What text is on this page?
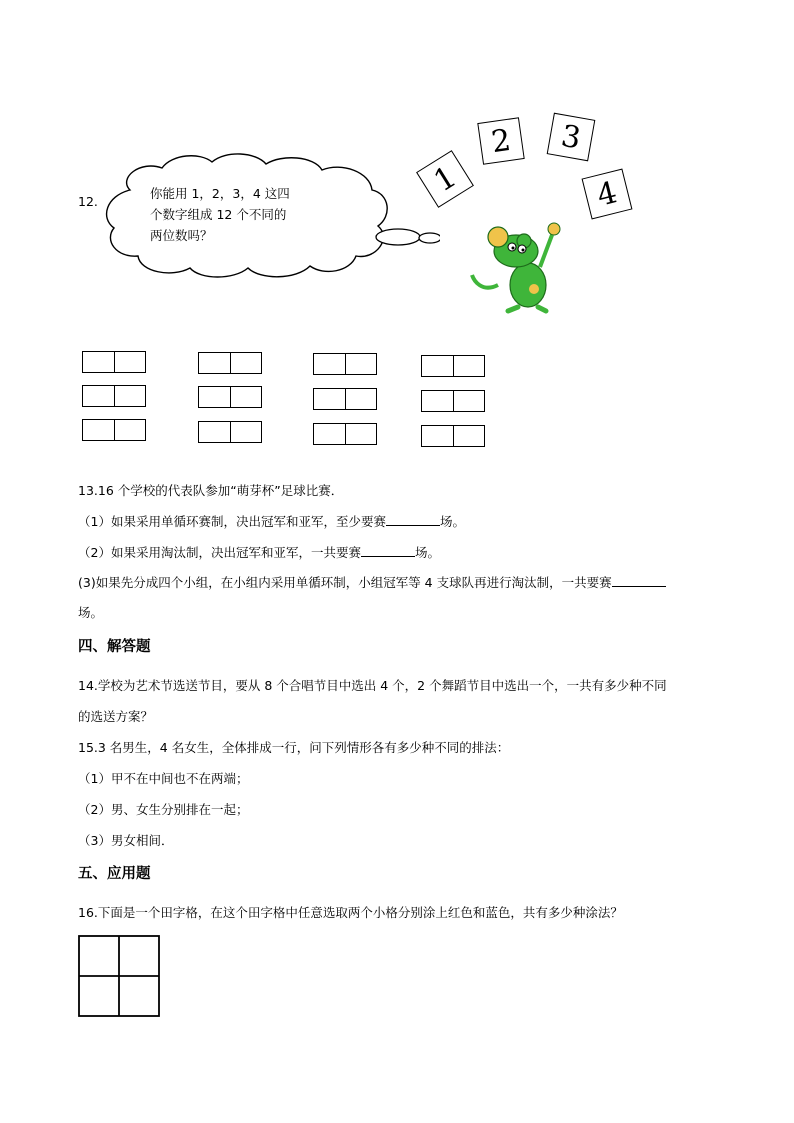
12.
你能用 1，2，3，4 这四
个数字组成 12 个不同的
两位数吗？
1
2	3
4
13.16 个学校的代表队参加“萌芽杯”足球比赛．
（1）如果采用单循环赛制，决出冠军和亚军，至少要赛	场。
（2）如果采用淘汰制，决出冠军和亚军，一共要赛	场。
(3)如果先分成四个小组，在小组内采用单循环制，小组冠军等 4 支球队再进行淘汰制，一共要赛
场。
四、解答题
14.学校为艺术节选送节目，要从 8 个合唱节目中选出 4 个，2 个舞蹈节目中选出一个，一共有多少种不同
的选送方案？
15.3 名男生，4 名女生，全体排成一行，问下列情形各有多少种不同的排法：
（1）甲不在中间也不在两端；
（2）男、女生分别排在一起；
（3）男女相间．
五、应用题
16.下面是一个田字格，在这个田字格中任意选取两个小格分别涂上红色和蓝色，共有多少种涂法？
